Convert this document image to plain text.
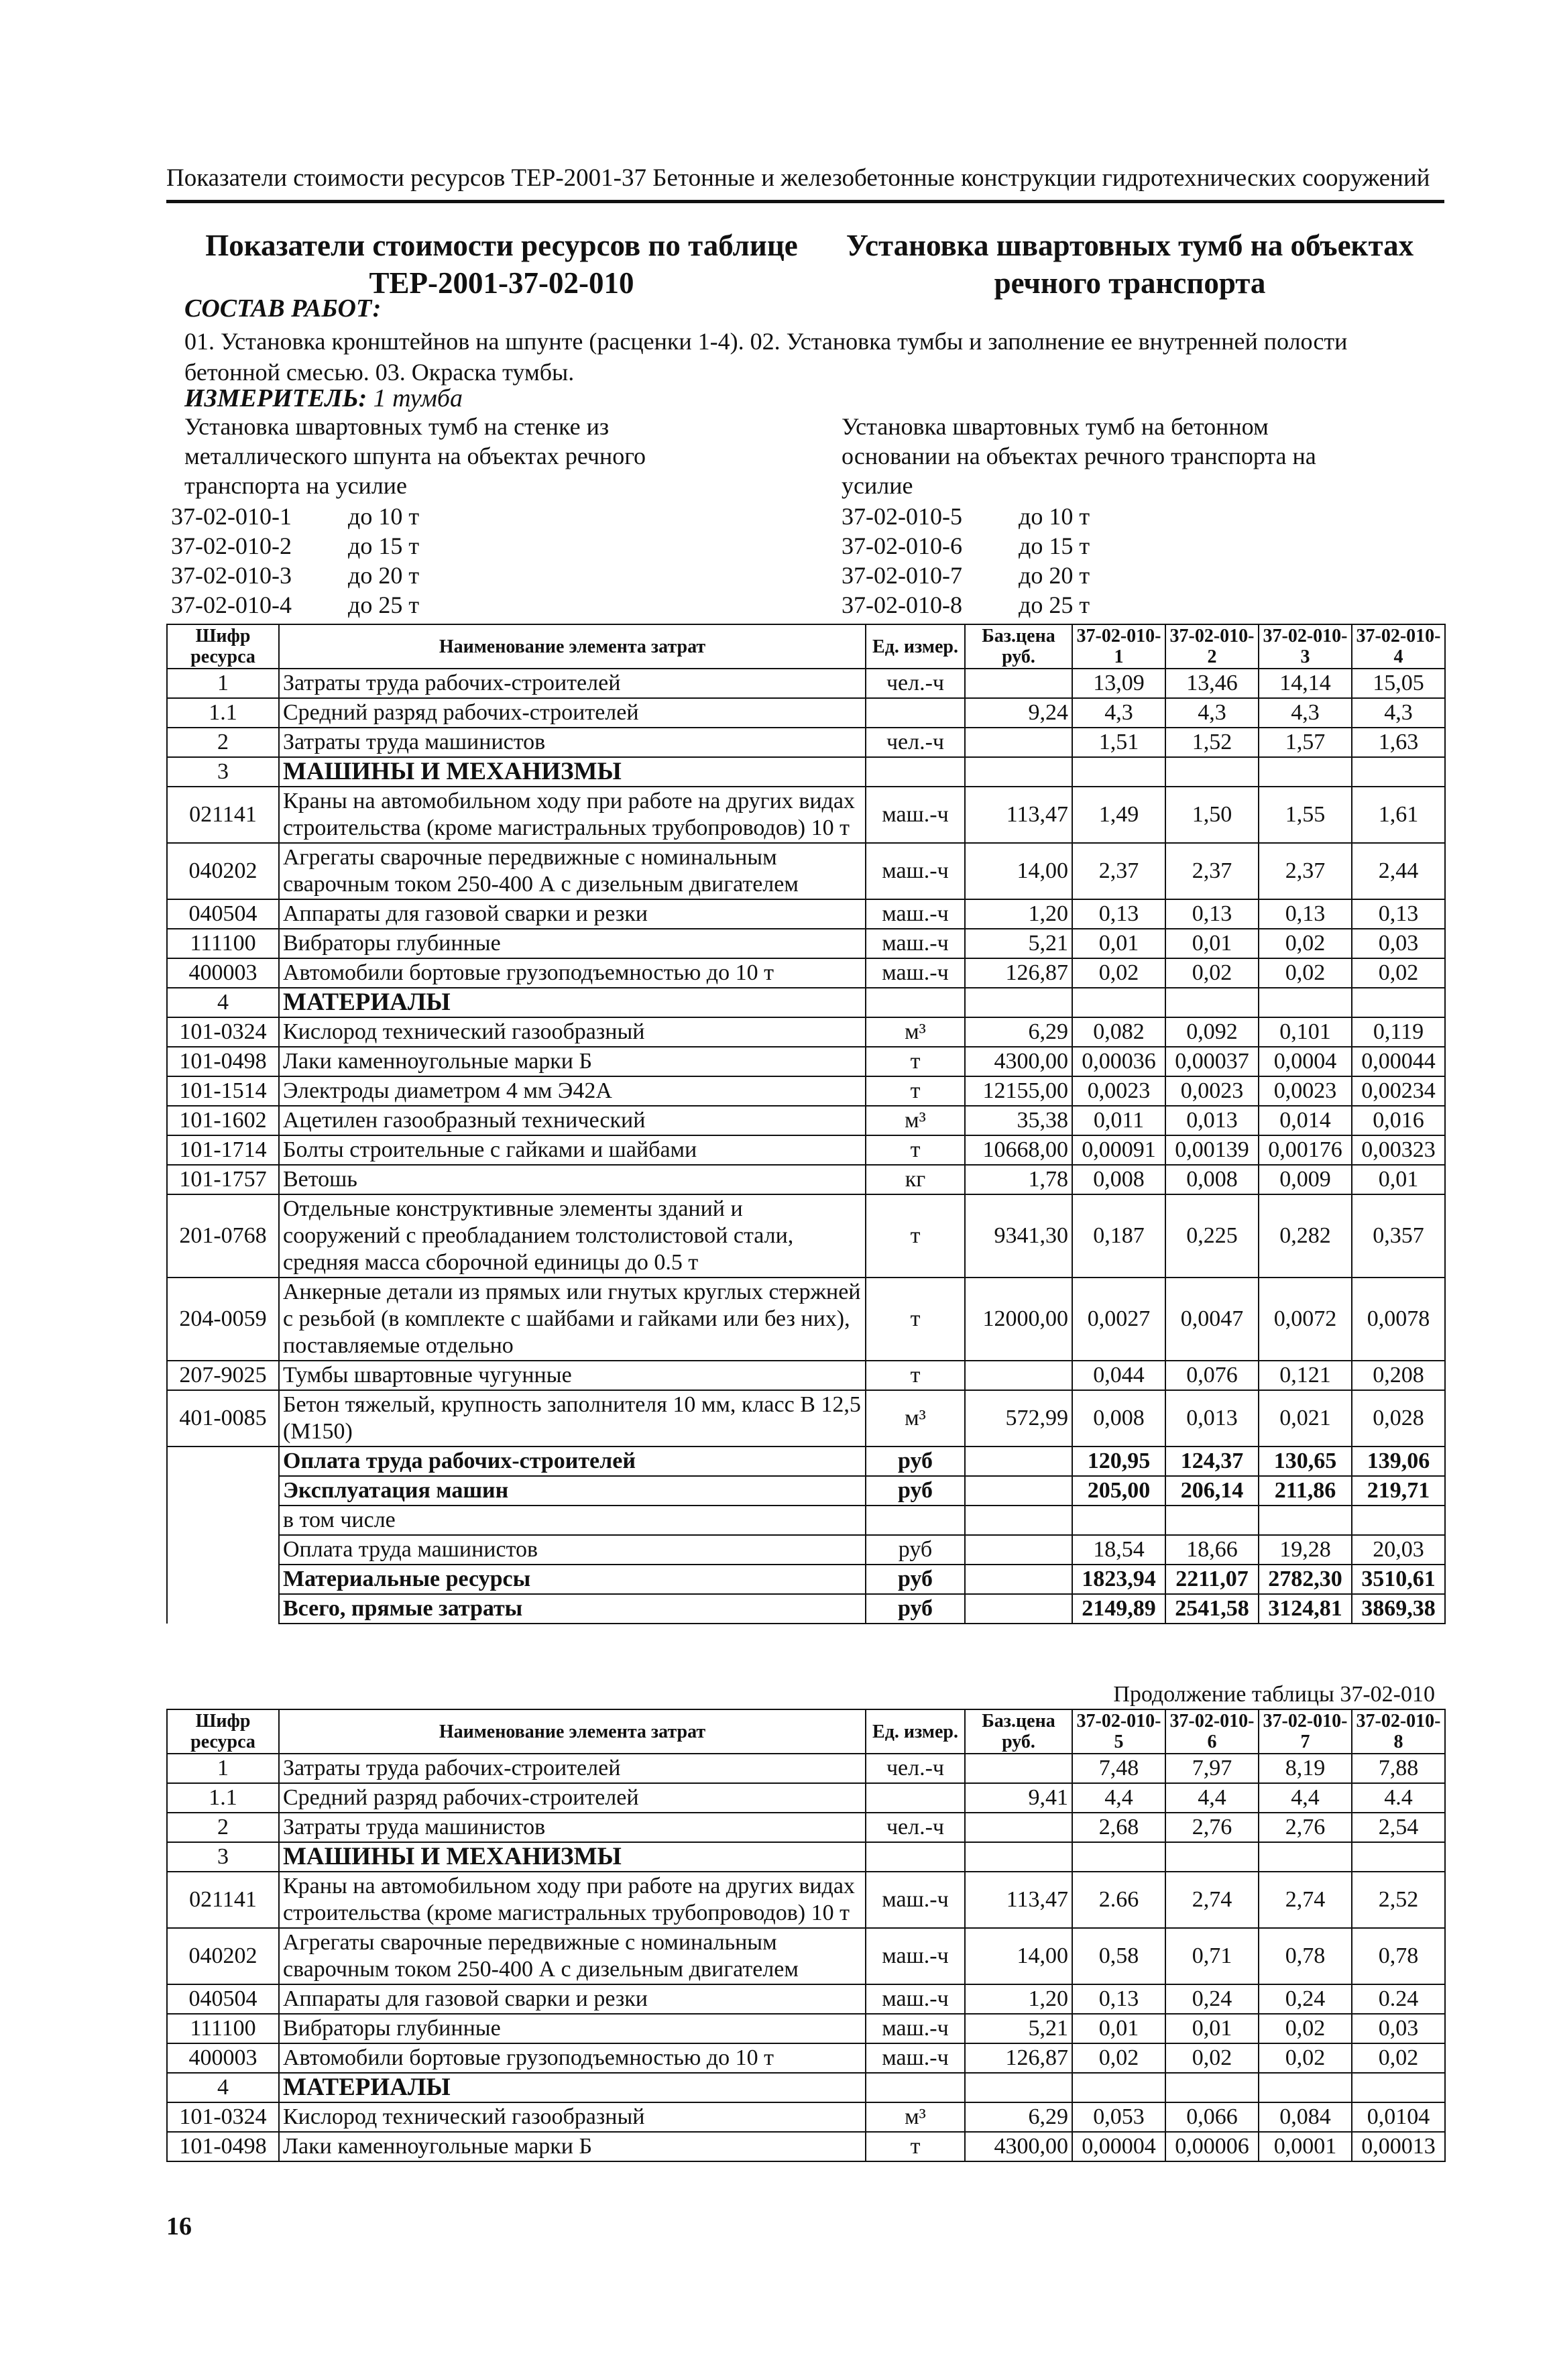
Показатели стоимости ресурсов ТЕР-2001-37 Бетонные и железобетонные конструкции гидротехнических сооружений
Показатели стоимости ресурсов по таблице ТЕР-2001-37-02-010
Установка швартовных тумб на объектах речного транспорта
СОСТАВ РАБОТ:
01. Установка кронштейнов на шпунте (расценки 1-4). 02. Установка тумбы и заполнение ее внутренней полости бетонной смесью. 03. Окраска тумбы.
ИЗМЕРИТЕЛЬ: 1 тумба
Установка швартовных тумб на стенке из металлического шпунта на объектах речного транспорта на усилие
Установка швартовных тумб на бетонном основании на объектах речного транспорта на усилие
37-02-010-1 до 10 т
37-02-010-2 до 15 т
37-02-010-3 до 20 т
37-02-010-4 до 25 т
37-02-010-5 до 10 т
37-02-010-6 до 15 т
37-02-010-7 до 20 т
37-02-010-8 до 25 т
Шифр ресурса	Наименование элемента затрат	Ед. измер.	Баз.цена руб.	37-02-010-1	37-02-010-2	37-02-010-3	37-02-010-4
1	Затраты труда рабочих-строителей	чел.-ч		13,09	13,46	14,14	15,05
1.1	Средний разряд рабочих-строителей		9,24	4,3	4,3	4,3	4,3
2	Затраты труда машинистов	чел.-ч		1,51	1,52	1,57	1,63
3	МАШИНЫ И МЕХАНИЗМЫ						
021141	Краны на автомобильном ходу при работе на других видах строительства (кроме магистральных трубопроводов) 10 т	маш.-ч	113,47	1,49	1,50	1,55	1,61
040202	Агрегаты сварочные передвижные с номинальным сварочным током 250-400 А с дизельным двигателем	маш.-ч	14,00	2,37	2,37	2,37	2,44
040504	Аппараты для газовой сварки и резки	маш.-ч	1,20	0,13	0,13	0,13	0,13
111100	Вибраторы глубинные	маш.-ч	5,21	0,01	0,01	0,02	0,03
400003	Автомобили бортовые грузоподъемностью до 10 т	маш.-ч	126,87	0,02	0,02	0,02	0,02
4	МАТЕРИАЛЫ						
101-0324	Кислород технический газообразный	м³	6,29	0,082	0,092	0,101	0,119
101-0498	Лаки каменноугольные марки Б	т	4300,00	0,00036	0,00037	0,0004	0,00044
101-1514	Электроды диаметром 4 мм Э42А	т	12155,00	0,0023	0,0023	0,0023	0,00234
101-1602	Ацетилен газообразный технический	м³	35,38	0,011	0,013	0,014	0,016
101-1714	Болты строительные с гайками и шайбами	т	10668,00	0,00091	0,00139	0,00176	0,00323
101-1757	Ветошь	кг	1,78	0,008	0,008	0,009	0,01
201-0768	Отдельные конструктивные элементы зданий и сооружений с преобладанием толстолистовой стали, средняя масса сборочной единицы до 0.5 т	т	9341,30	0,187	0,225	0,282	0,357
204-0059	Анкерные детали из прямых или гнутых круглых стержней с резьбой (в комплекте с шайбами и гайками или без них), поставляемые отдельно	т	12000,00	0,0027	0,0047	0,0072	0,0078
207-9025	Тумбы швартовные чугунные	т		0,044	0,076	0,121	0,208
401-0085	Бетон тяжелый, крупность заполнителя 10 мм, класс В 12,5 (М150)	м³	572,99	0,008	0,013	0,021	0,028
	Оплата труда рабочих-строителей	руб		120,95	124,37	130,65	139,06
	Эксплуатация машин	руб		205,00	206,14	211,86	219,71
	в том числе						
	Оплата труда машинистов	руб		18,54	18,66	19,28	20,03
	Материальные ресурсы	руб		1823,94	2211,07	2782,30	3510,61
	Всего, прямые затраты	руб		2149,89	2541,58	3124,81	3869,38
Продолжение таблицы 37-02-010
Шифр ресурса	Наименование элемента затрат	Ед. измер.	Баз.цена руб.	37-02-010-5	37-02-010-6	37-02-010-7	37-02-010-8
1	Затраты труда рабочих-строителей	чел.-ч		7,48	7,97	8,19	7,88
1.1	Средний разряд рабочих-строителей		9,41	4,4	4,4	4,4	4.4
2	Затраты труда машинистов	чел.-ч		2,68	2,76	2,76	2,54
3	МАШИНЫ И МЕХАНИЗМЫ						
021141	Краны на автомобильном ходу при работе на других видах строительства (кроме магистральных трубопроводов) 10 т	маш.-ч	113,47	2.66	2,74	2,74	2,52
040202	Агрегаты сварочные передвижные с номинальным сварочным током 250-400 А с дизельным двигателем	маш.-ч	14,00	0,58	0,71	0,78	0,78
040504	Аппараты для газовой сварки и резки	маш.-ч	1,20	0,13	0,24	0,24	0.24
111100	Вибраторы глубинные	маш.-ч	5,21	0,01	0,01	0,02	0,03
400003	Автомобили бортовые грузоподъемностью до 10 т	маш.-ч	126,87	0,02	0,02	0,02	0,02
4	МАТЕРИАЛЫ						
101-0324	Кислород технический газообразный	м³	6,29	0,053	0,066	0,084	0,0104
101-0498	Лаки каменноугольные марки Б	т	4300,00	0,00004	0,00006	0,0001	0,00013
16
